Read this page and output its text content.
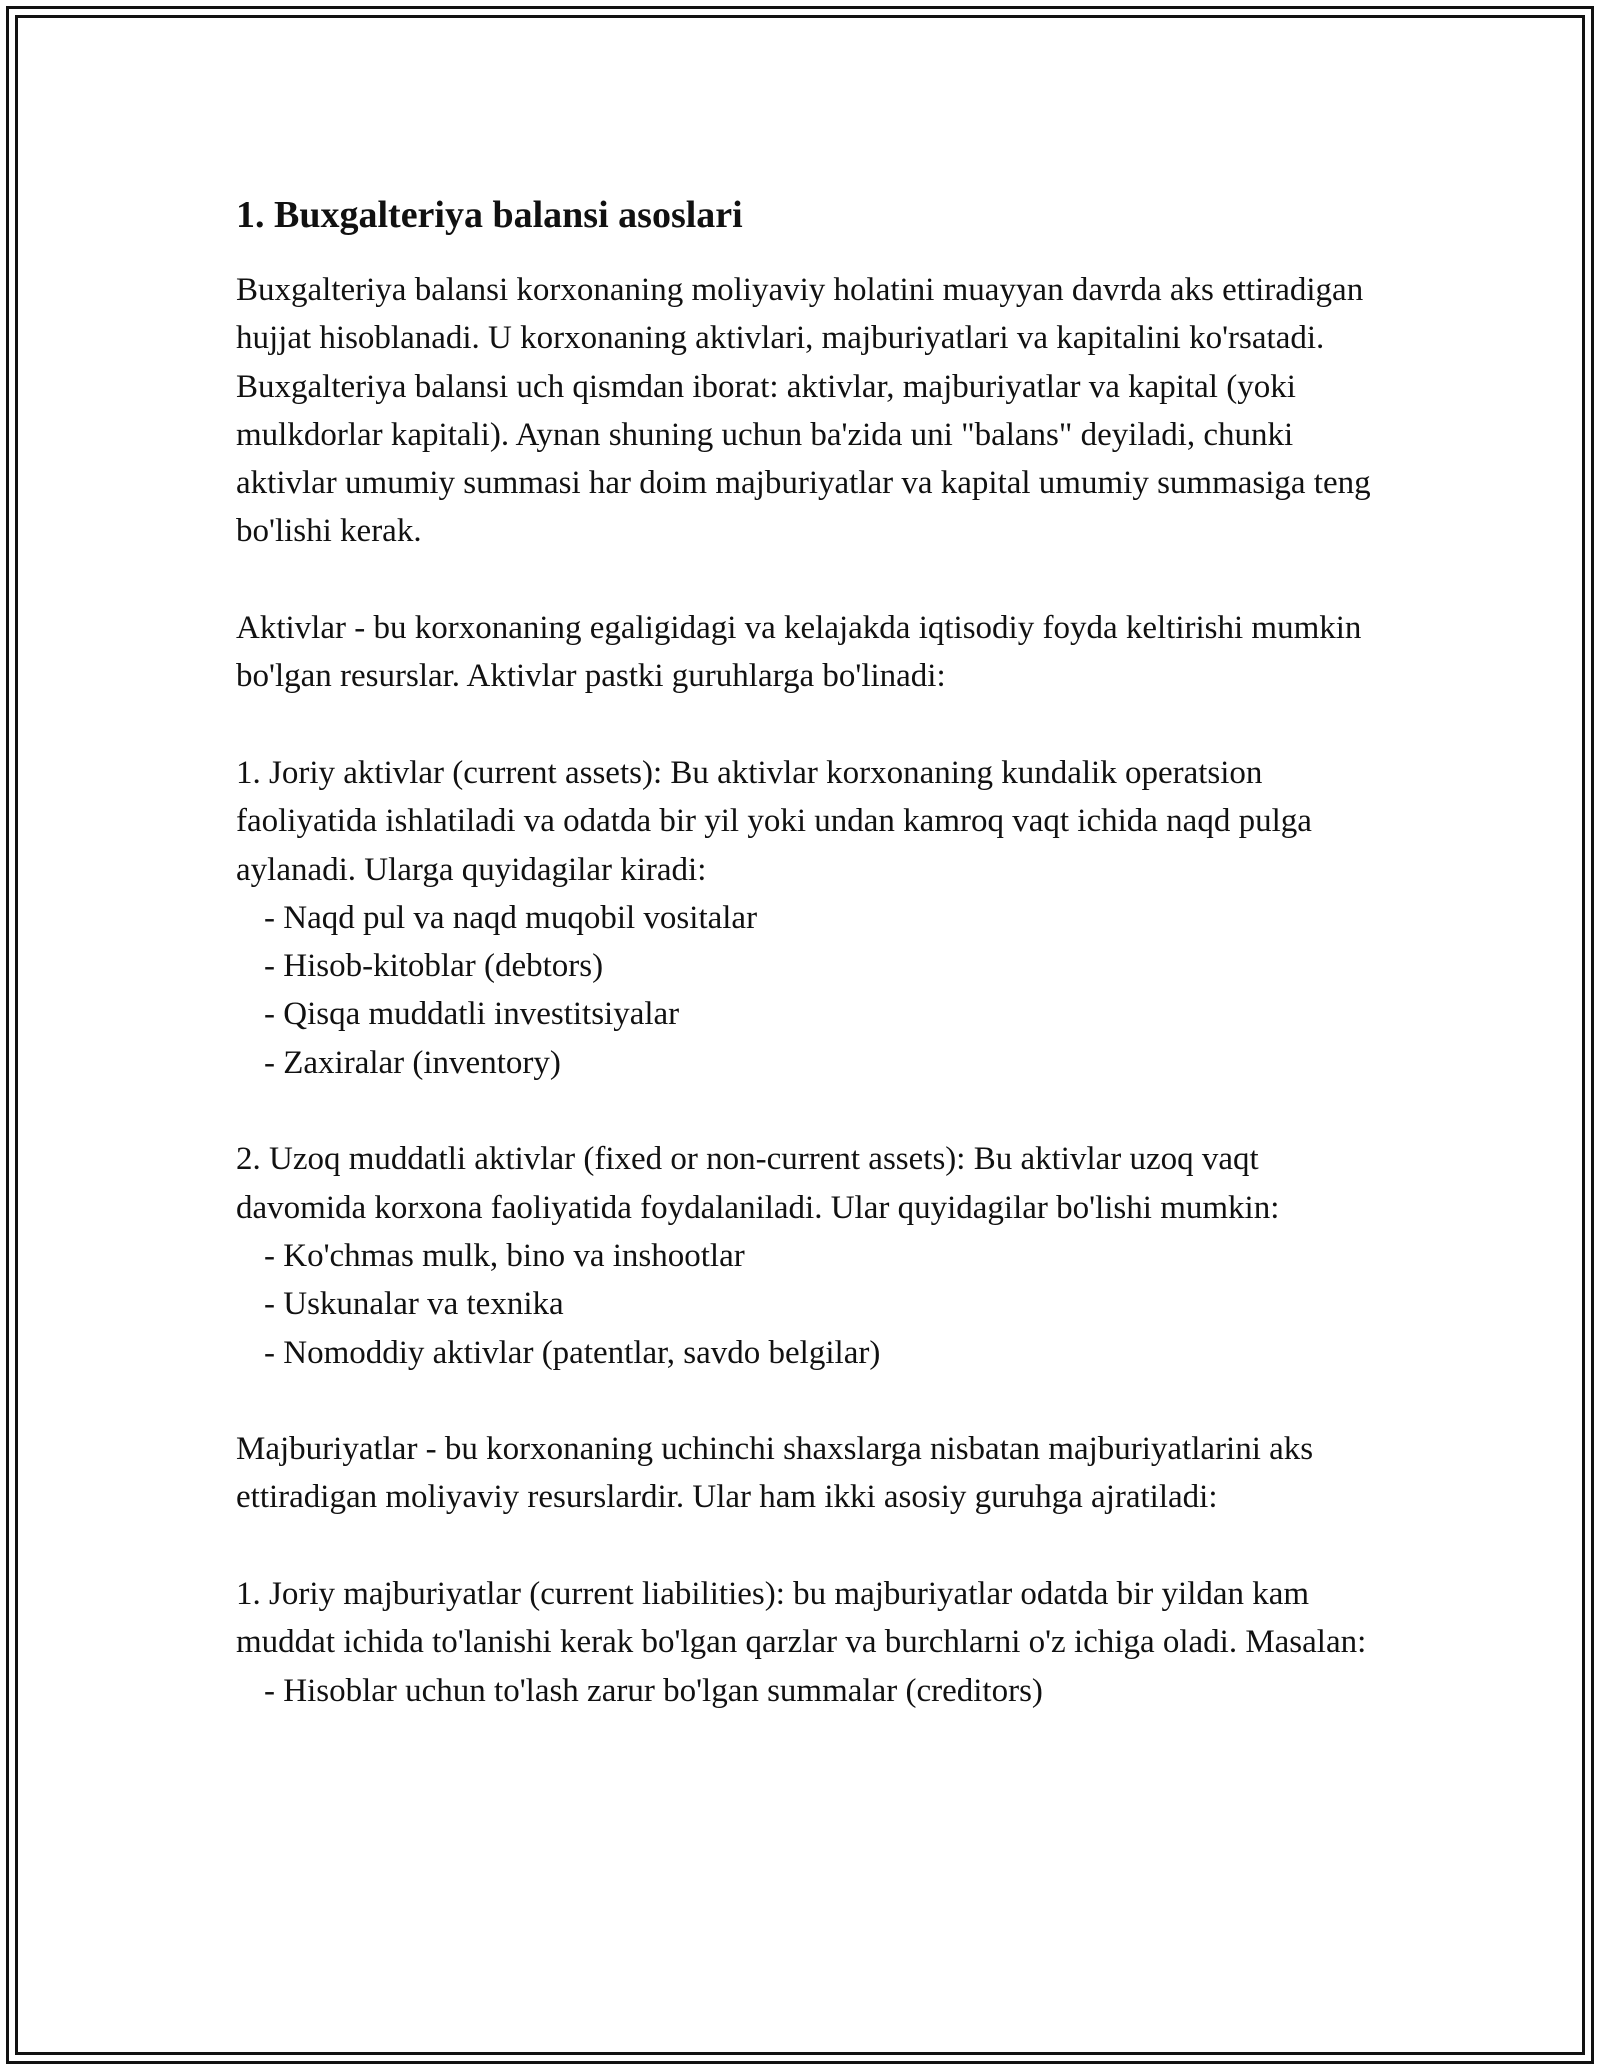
1. Buxgalteriya balansi asoslari

Buxgalteriya balansi korxonaning moliyaviy holatini muayyan davrda aks ettiradigan hujjat hisoblanadi. U korxonaning aktivlari, majburiyatlari va kapitalini ko'rsatadi. Buxgalteriya balansi uch qismdan iborat: aktivlar, majburiyatlar va kapital (yoki mulkdorlar kapitali). Aynan shuning uchun ba'zida uni "balans" deyiladi, chunki aktivlar umumiy summasi har doim majburiyatlar va kapital umumiy summasiga teng bo'lishi kerak.

Aktivlar - bu korxonaning egaligidagi va kelajakda iqtisodiy foyda keltirishi mumkin bo'lgan resurslar. Aktivlar pastki guruhlarga bo'linadi:

1. Joriy aktivlar (current assets): Bu aktivlar korxonaning kundalik operatsion faoliyatida ishlatiladi va odatda bir yil yoki undan kamroq vaqt ichida naqd pulga aylanadi. Ularga quyidagilar kiradi:

- Naqd pul va naqd muqobil vositalar
- Hisob-kitoblar (debtors)
- Qisqa muddatli investitsiyalar
- Zaxiralar (inventory)

2. Uzoq muddatli aktivlar (fixed or non-current assets): Bu aktivlar uzoq vaqt davomida korxona faoliyatida foydalaniladi. Ular quyidagilar bo'lishi mumkin:

- Ko'chmas mulk, bino va inshootlar
- Uskunalar va texnika
- Nomoddiy aktivlar (patentlar, savdo belgilar)

Majburiyatlar - bu korxonaning uchinchi shaxslarga nisbatan majburiyatlarini aks ettiradigan moliyaviy resurslardir. Ular ham ikki asosiy guruhga ajratiladi:

1. Joriy majburiyatlar (current liabilities): bu majburiyatlar odatda bir yildan kam muddat ichida to'lanishi kerak bo'lgan qarzlar va burchlarni o'z ichiga oladi. Masalan:

- Hisoblar uchun to'lash zarur bo'lgan summalar (creditors)
